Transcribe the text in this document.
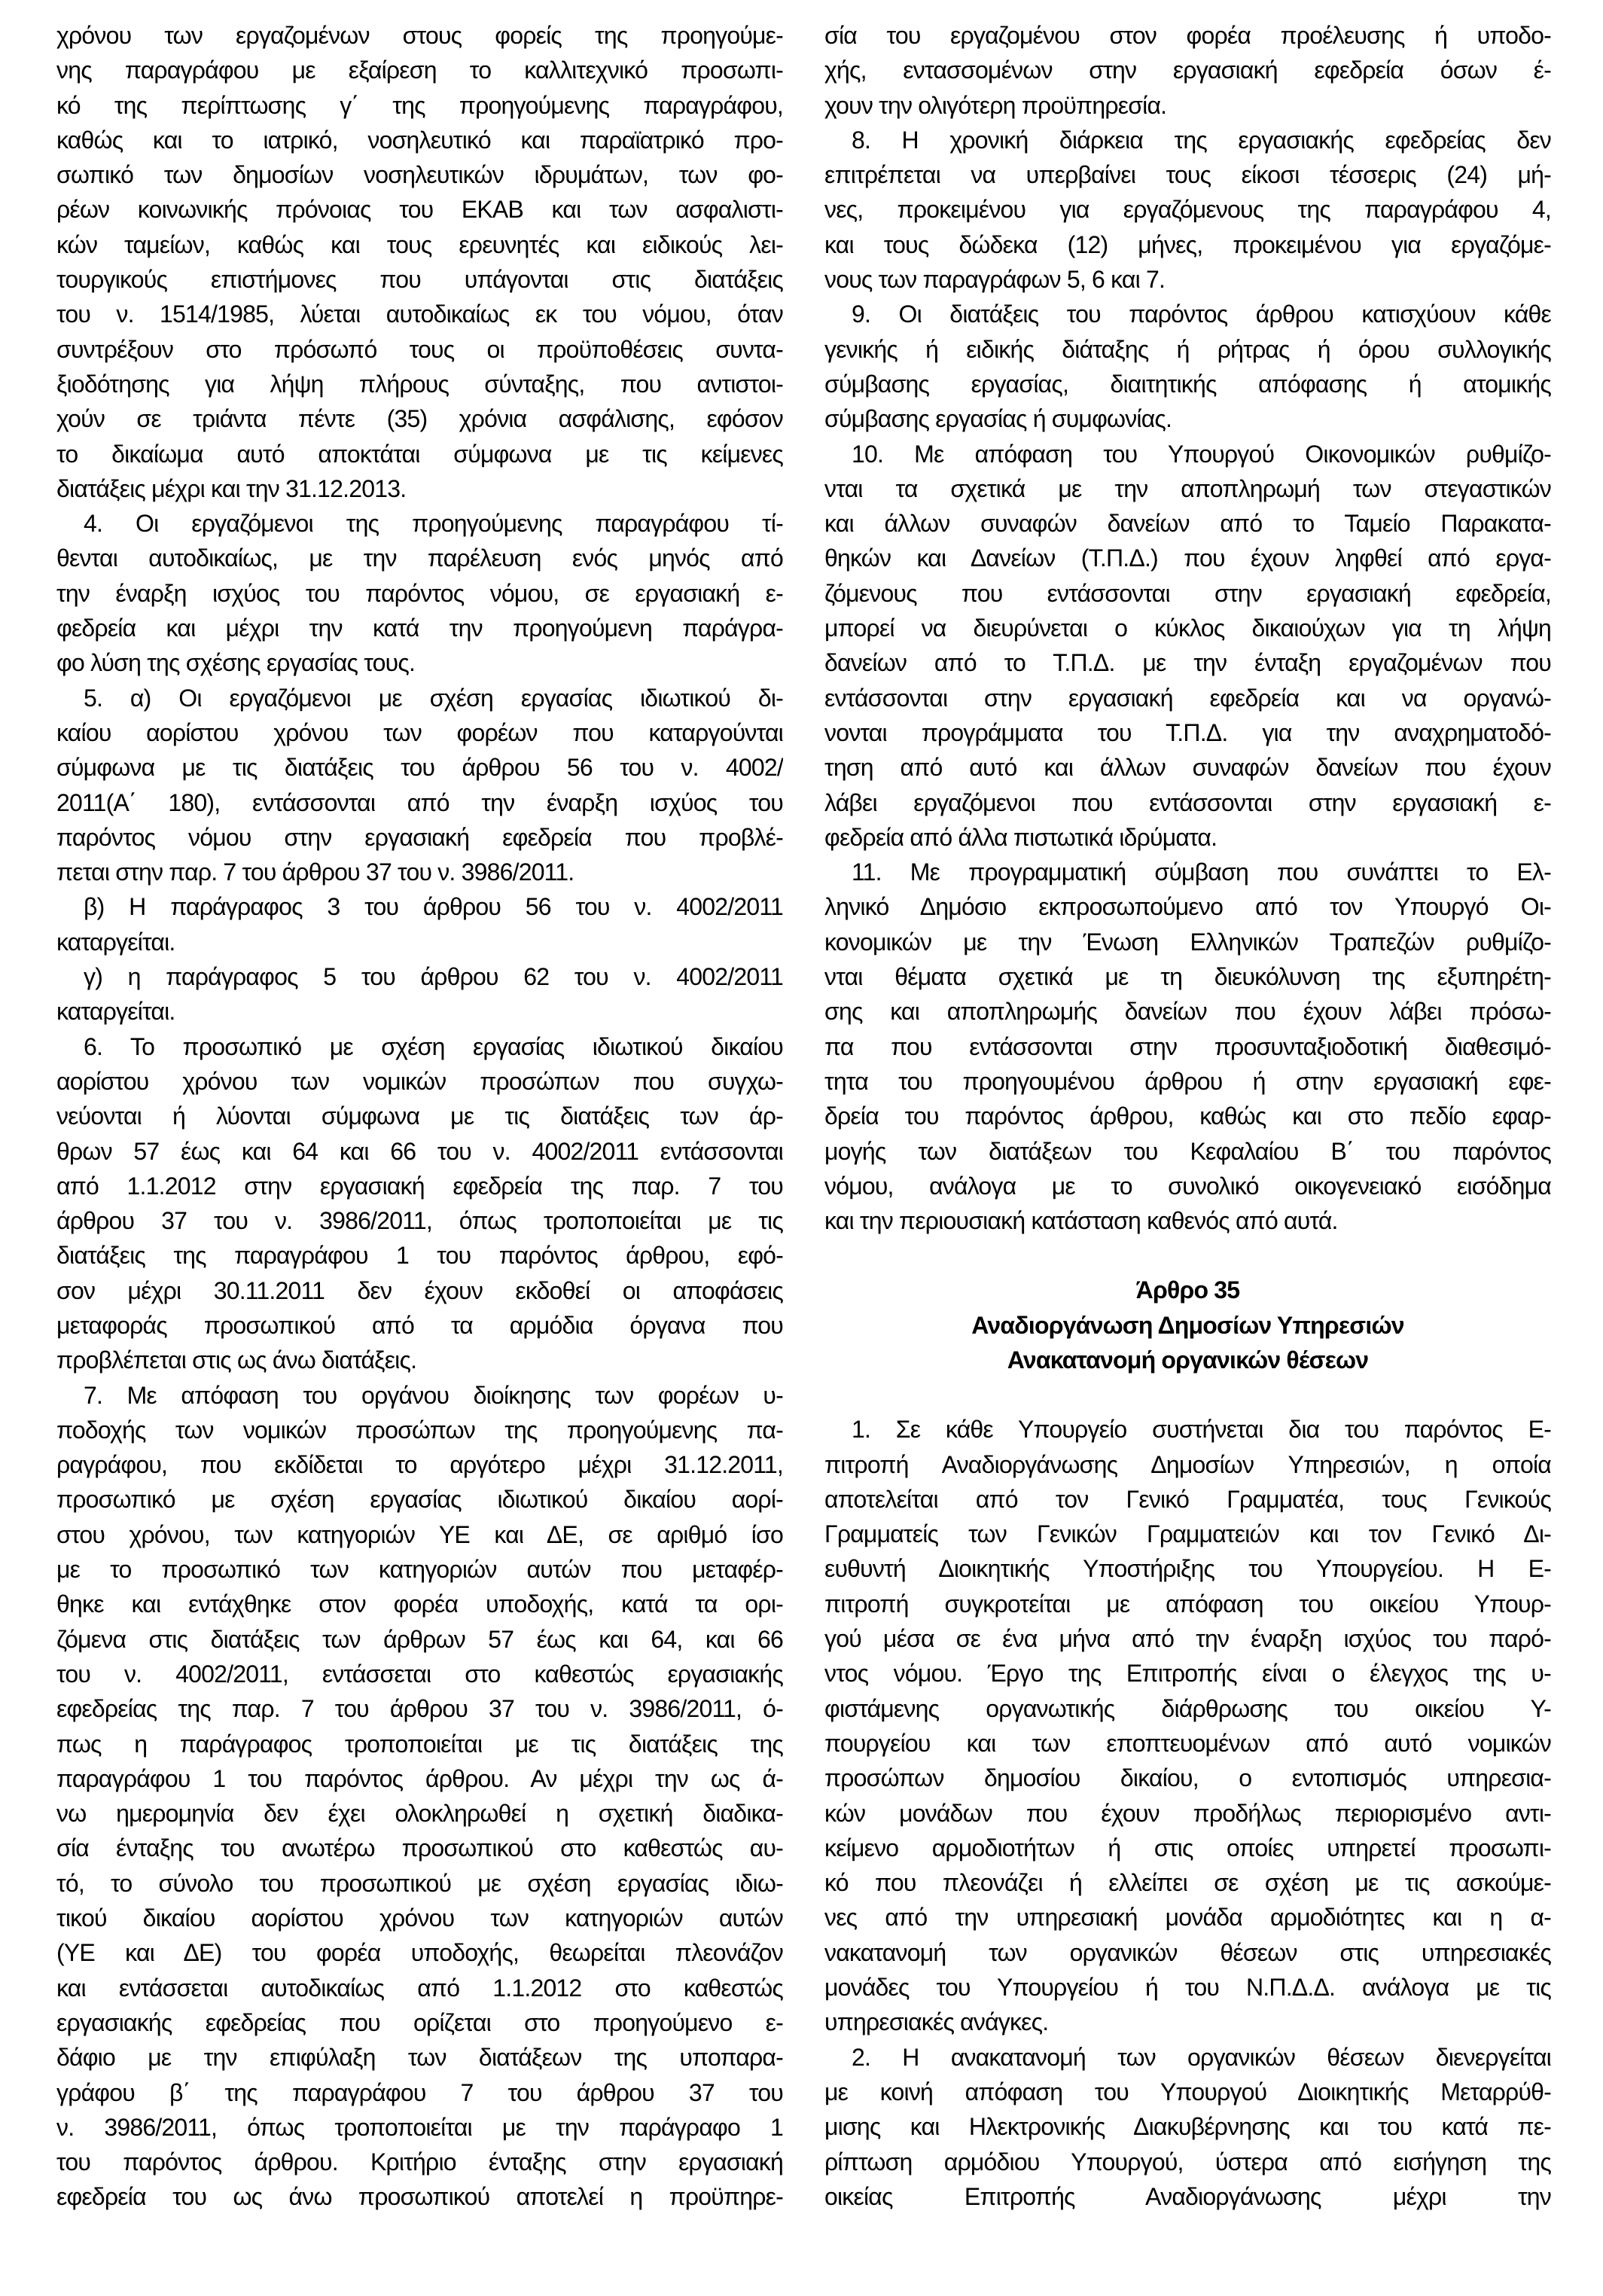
χρόνου των εργαζομένων στους φορείς της προηγούμε-
νης παραγράφου με εξαίρεση το καλλιτεχνικό προσωπι-
κό της περίπτωσης γ΄ της προηγούμενης παραγράφου,
καθώς και το ιατρικό, νοσηλευτικό και παραϊατρικό προ-
σωπικό των δημοσίων νοσηλευτικών ιδρυμάτων, των φο-
ρέων κοινωνικής πρόνοιας του ΕΚΑΒ και των ασφαλιστι-
κών ταμείων, καθώς και τους ερευνητές και ειδικούς λει-
τουργικούς επιστήμονες που υπάγονται στις διατάξεις
του ν. 1514/1985, λύεται αυτοδικαίως εκ του νόμου, όταν
συντρέξουν στο πρόσωπό τους οι προϋποθέσεις συντα-
ξιοδότησης για λήψη πλήρους σύνταξης, που αντιστοι-
χούν σε τριάντα πέντε (35) χρόνια ασφάλισης, εφόσον
το δικαίωμα αυτό αποκτάται σύμφωνα με τις κείμενες
διατάξεις μέχρι και την 31.12.2013.
4. Οι εργαζόμενοι της προηγούμενης παραγράφου τί-
θενται αυτοδικαίως, με την παρέλευση ενός μηνός από
την έναρξη ισχύος του παρόντος νόμου, σε εργασιακή ε-
φεδρεία και μέχρι την κατά την προηγούμενη παράγρα-
φο λύση της σχέσης εργασίας τους.
5. α) Οι εργαζόμενοι με σχέση εργασίας ιδιωτικού δι-
καίου αορίστου χρόνου των φορέων που καταργούνται
σύμφωνα με τις διατάξεις του άρθρου 56 του ν. 4002/
2011(Α΄ 180), εντάσσονται από την έναρξη ισχύος του
παρόντος νόμου στην εργασιακή εφεδρεία που προβλέ-
πεται στην παρ. 7 του άρθρου 37 του ν. 3986/2011.
β) Η παράγραφος 3 του άρθρου 56 του ν. 4002/2011
καταργείται.
γ) η παράγραφος 5 του άρθρου 62 του ν. 4002/2011
καταργείται.
6. Το προσωπικό με σχέση εργασίας ιδιωτικού δικαίου
αορίστου χρόνου των νομικών προσώπων που συγχω-
νεύονται ή λύονται σύμφωνα με τις διατάξεις των άρ-
θρων 57 έως και 64 και 66 του ν. 4002/2011 εντάσσονται
από 1.1.2012 στην εργασιακή εφεδρεία της παρ. 7 του
άρθρου 37 του ν. 3986/2011, όπως τροποποιείται με τις
διατάξεις της παραγράφου 1 του παρόντος άρθρου, εφό-
σον μέχρι 30.11.2011 δεν έχουν εκδοθεί οι αποφάσεις
μεταφοράς προσωπικού από τα αρμόδια όργανα που
προβλέπεται στις ως άνω διατάξεις.
7. Με απόφαση του οργάνου διοίκησης των φορέων υ-
ποδοχής των νομικών προσώπων της προηγούμενης πα-
ραγράφου, που εκδίδεται το αργότερο μέχρι 31.12.2011,
προσωπικό με σχέση εργασίας ιδιωτικού δικαίου αορί-
στου χρόνου, των κατηγοριών ΥΕ και ΔΕ, σε αριθμό ίσο
με το προσωπικό των κατηγοριών αυτών που μεταφέρ-
θηκε και εντάχθηκε στον φορέα υποδοχής, κατά τα ορι-
ζόμενα στις διατάξεις των άρθρων 57 έως και 64, και 66
του ν. 4002/2011, εντάσσεται στο καθεστώς εργασιακής
εφεδρείας της παρ. 7 του άρθρου 37 του ν. 3986/2011, ό-
πως η παράγραφος τροποποιείται με τις διατάξεις της
παραγράφου 1 του παρόντος άρθρου. Αν μέχρι την ως ά-
νω ημερομηνία δεν έχει ολοκληρωθεί η σχετική διαδικα-
σία ένταξης του ανωτέρω προσωπικού στο καθεστώς αυ-
τό, το σύνολο του προσωπικού με σχέση εργασίας ιδιω-
τικού δικαίου αορίστου χρόνου των κατηγοριών αυτών
(ΥΕ και ΔΕ) του φορέα υποδοχής, θεωρείται πλεονάζον
και εντάσσεται αυτοδικαίως από 1.1.2012 στο καθεστώς
εργασιακής εφεδρείας που ορίζεται στο προηγούμενο ε-
δάφιο με την επιφύλαξη των διατάξεων της υποπαρα-
γράφου β΄ της παραγράφου 7 του άρθρου 37 του
ν. 3986/2011, όπως τροποποιείται με την παράγραφο 1
του παρόντος άρθρου. Κριτήριο ένταξης στην εργασιακή
εφεδρεία του ως άνω προσωπικού αποτελεί η προϋπηρε-
σία του εργαζομένου στον φορέα προέλευσης ή υποδο-
χής, εντασσομένων στην εργασιακή εφεδρεία όσων έ-
χουν την ολιγότερη προϋπηρεσία.
8. Η χρονική διάρκεια της εργασιακής εφεδρείας δεν
επιτρέπεται να υπερβαίνει τους είκοσι τέσσερις (24) μή-
νες, προκειμένου για εργαζόμενους της παραγράφου 4,
και τους δώδεκα (12) μήνες, προκειμένου για εργαζόμε-
νους των παραγράφων 5, 6 και 7.
9. Οι διατάξεις του παρόντος άρθρου κατισχύουν κάθε
γενικής ή ειδικής διάταξης ή ρήτρας ή όρου συλλογικής
σύμβασης εργασίας, διαιτητικής απόφασης ή ατομικής
σύμβασης εργασίας ή συμφωνίας.
10. Με απόφαση του Υπουργού Οικονομικών ρυθμίζο-
νται τα σχετικά με την αποπληρωμή των στεγαστικών
και άλλων συναφών δανείων από το Ταμείο Παρακατα-
θηκών και Δανείων (Τ.Π.Δ.) που έχουν ληφθεί από εργα-
ζόμενους που εντάσσονται στην εργασιακή εφεδρεία,
μπορεί να διευρύνεται ο κύκλος δικαιούχων για τη λήψη
δανείων από το Τ.Π.Δ. με την ένταξη εργαζομένων που
εντάσσονται στην εργασιακή εφεδρεία και να οργανώ-
νονται προγράμματα του Τ.Π.Δ. για την αναχρηματοδό-
τηση από αυτό και άλλων συναφών δανείων που έχουν
λάβει εργαζόμενοι που εντάσσονται στην εργασιακή ε-
φεδρεία από άλλα πιστωτικά ιδρύματα.
11. Με προγραμματική σύμβαση που συνάπτει το Ελ-
ληνικό Δημόσιο εκπροσωπούμενο από τον Υπουργό Οι-
κονομικών με την Ένωση Ελληνικών Τραπεζών ρυθμίζο-
νται θέματα σχετικά με τη διευκόλυνση της εξυπηρέτη-
σης και αποπληρωμής δανείων που έχουν λάβει πρόσω-
πα που εντάσσονται στην προσυνταξιοδοτική διαθεσιμό-
τητα του προηγουμένου άρθρου ή στην εργασιακή εφε-
δρεία του παρόντος άρθρου, καθώς και στο πεδίο εφαρ-
μογής των διατάξεων του Κεφαλαίου Β΄ του παρόντος
νόμου, ανάλογα με το συνολικό οικογενειακό εισόδημα
και την περιουσιακή κατάσταση καθενός από αυτά.
Άρθρο 35
Αναδιοργάνωση Δημοσίων Υπηρεσιών
Ανακατανομή οργανικών θέσεων
1. Σε κάθε Υπουργείο συστήνεται δια του παρόντος Ε-
πιτροπή Αναδιοργάνωσης Δημοσίων Υπηρεσιών, η οποία
αποτελείται από τον Γενικό Γραμματέα, τους Γενικούς
Γραμματείς των Γενικών Γραμματειών και τον Γενικό Δι-
ευθυντή Διοικητικής Υποστήριξης του Υπουργείου. Η Ε-
πιτροπή συγκροτείται με απόφαση του οικείου Υπουρ-
γού μέσα σε ένα μήνα από την έναρξη ισχύος του παρό-
ντος νόμου. Έργο της Επιτροπής είναι ο έλεγχος της υ-
φιστάμενης οργανωτικής διάρθρωσης του οικείου Υ-
πουργείου και των εποπτευομένων από αυτό νομικών
προσώπων δημοσίου δικαίου, ο εντοπισμός υπηρεσια-
κών μονάδων που έχουν προδήλως περιορισμένο αντι-
κείμενο αρμοδιοτήτων ή στις οποίες υπηρετεί προσωπι-
κό που πλεονάζει ή ελλείπει σε σχέση με τις ασκούμε-
νες από την υπηρεσιακή μονάδα αρμοδιότητες και η α-
νακατανομή των οργανικών θέσεων στις υπηρεσιακές
μονάδες του Υπουργείου ή του Ν.Π.Δ.Δ. ανάλογα με τις
υπηρεσιακές ανάγκες.
2. Η ανακατανομή των οργανικών θέσεων διενεργείται
με κοινή απόφαση του Υπουργού Διοικητικής Μεταρρύθ-
μισης και Ηλεκτρονικής Διακυβέρνησης και του κατά πε-
ρίπτωση αρμόδιου Υπουργού, ύστερα από εισήγηση της
οικείας Επιτροπής Αναδιοργάνωσης μέχρι την
